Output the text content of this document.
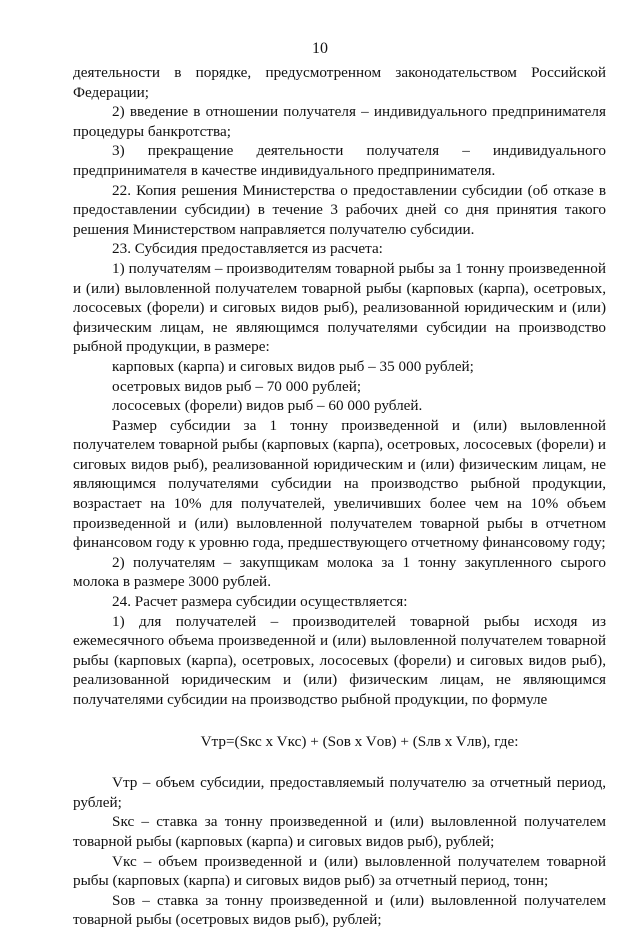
10

деятельности в порядке, предусмотренном законодательством Российской Федерации;

2) введение в отношении получателя – индивидуального предпринимателя процедуры банкротства;

3) прекращение деятельности получателя – индивидуального предпринимателя в качестве индивидуального предпринимателя.

22. Копия решения Министерства о предоставлении субсидии (об отказе в предоставлении субсидии) в течение 3 рабочих дней со дня принятия такого решения Министерством направляется получателю субсидии.

23. Субсидия предоставляется из расчета:

1) получателям – производителям товарной рыбы за 1 тонну произведенной и (или) выловленной получателем товарной рыбы (карповых (карпа), осетровых, лососевых (форели) и сиговых видов рыб), реализованной юридическим и (или) физическим лицам, не являющимся получателями субсидии на производство рыбной продукции, в размере:

карповых (карпа) и сиговых видов рыб – 35 000 рублей;

осетровых видов рыб – 70 000 рублей;

лососевых (форели) видов рыб – 60 000 рублей.

Размер субсидии за 1 тонну произведенной и (или) выловленной получателем товарной рыбы (карповых (карпа), осетровых, лососевых (форели) и сиговых видов рыб), реализованной юридическим и (или) физическим лицам, не являющимся получателями субсидии на производство рыбной продукции, возрастает на 10% для получателей, увеличивших более чем на 10% объем произведенной и (или) выловленной получателем товарной рыбы в отчетном финансовом году к уровню года, предшествующего отчетному финансовому году;

2) получателям – закупщикам молока за 1 тонну закупленного сырого молока в размере 3000 рублей.

24. Расчет размера субсидии осуществляется:

1) для получателей – производителей товарной рыбы исходя из ежемесячного объема произведенной и (или) выловленной получателем товарной рыбы (карповых (карпа), осетровых, лососевых (форели) и сиговых видов рыб), реализованной юридическим и (или) физическим лицам, не являющимся получателями субсидии на производство рыбной продукции, по формуле

Vтр=(Sкс x Vкс) + (Sов x Vов) + (Sлв x Vлв), где:

Vтр – объем субсидии, предоставляемый получателю за отчетный период, рублей;

Sкс – ставка за тонну произведенной и (или) выловленной получателем товарной рыбы (карповых (карпа) и сиговых видов рыб), рублей;

Vкс – объем произведенной и (или) выловленной получателем товарной рыбы (карповых (карпа) и сиговых видов рыб) за отчетный период, тонн;

Sов – ставка за тонну произведенной и (или) выловленной получателем товарной рыбы (осетровых видов рыб), рублей;
